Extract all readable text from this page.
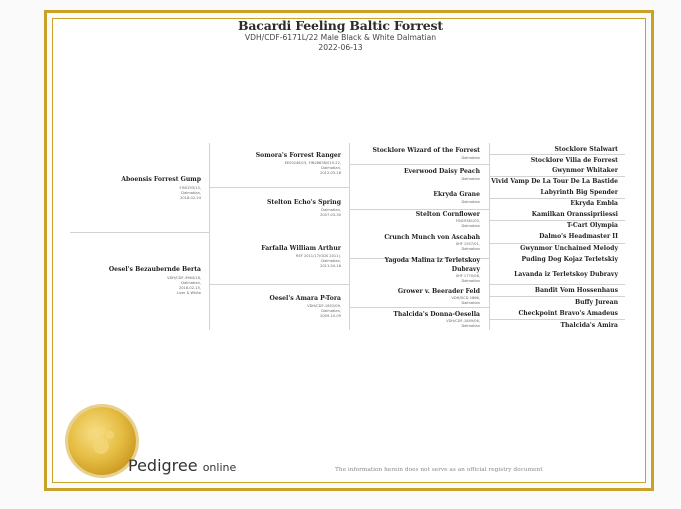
Bacardi Feeling Baltic Forrest
VDH/CDF-6171L/22 Male Black & White Dalmatian
2022-06-13
Aboensis Forrest Gump
FI50293/13,
Dalmatian,
2018-02-24
Oesel's Bezauberndе Berta
VDH/CDF-3964/18,
Dalmatian,
2018-02-15,
Liver & White
Somora's Forrest Ranger
EE00246/15, FIN28638/019-22,
Dalmatian,
2012-03-18
Stelton Echo's Spring
Dalmatian,
2007-03-30
Farfalla William Arthur
REF 2011/17(ODS 2011),
Dalmatian,
2011-04-16
Oesel's Amara P-Tora
VDH/CDF-1852/09,
Dalmatian,
2009-10-09
Stocklore Wizard of the Forrest
Dalmatian
Everwood Daisy Peach
Dalmatian
Ekryda Grane
Dalmatian
Stelton Cornflower
FIN29381/03,
Dalmatian
Crunch Munch von Ascabah
SHF 1557/01,
Dalmatian
Yagoda Malina iz Terletskoy
Dubravy
SHF 1770/08,
Dalmatian
Grower v. Beerader Feld
VDH/DCD 1866,
Dalmatian
Thalcida's Donna-Oesella
VDH/CDF-1849/06,
Dalmatian
Stocklore Stalwart
Stocklore Vilia de Forrest
Gwynmor Whitaker
Vivid Vamp De La Tour De La Bastide
Labyrinth Big Spender
Ekryda Embla
Kamilkan Oranssipriiessi
T-Cart Olympia
Dalmo's Headmaster II
Gwynmor Unchained Melody
Puding Dog Kojaz Terletskiy
Lavanda iz Terletskoy Dubravy
Bandit Vom Hossenhaus
Buffy Jurean
Checkpoint Bravo's Amadeus
Thalcida's Amira
Pedigree online	The information herein does not serve as an official registry document
